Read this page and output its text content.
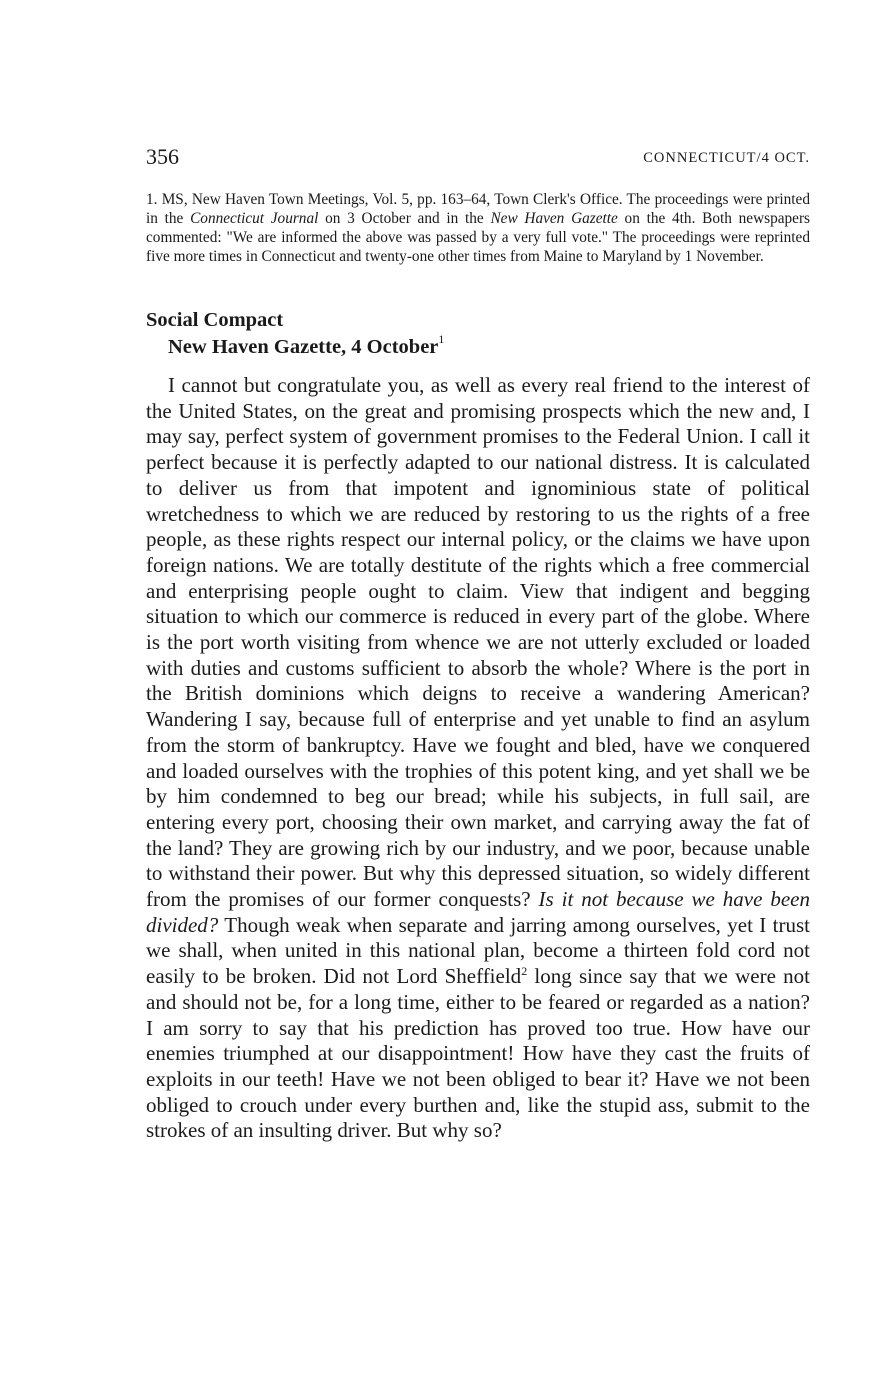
356	CONNECTICUT/4 OCT.
1. MS, New Haven Town Meetings, Vol. 5, pp. 163–64, Town Clerk's Office. The proceedings were printed in the Connecticut Journal on 3 October and in the New Haven Gazette on the 4th. Both newspapers commented: "We are informed the above was passed by a very full vote." The proceedings were reprinted five more times in Connecticut and twenty-one other times from Maine to Maryland by 1 November.
Social Compact
New Haven Gazette, 4 October$^1$

I cannot but congratulate you, as well as every real friend to the interest of the United States, on the great and promising prospects which the new and, I may say, perfect system of government promises to the Federal Union. I call it perfect because it is perfectly adapted to our national distress. It is calculated to deliver us from that impotent and ignominious state of political wretchedness to which we are reduced by restoring to us the rights of a free people, as these rights respect our internal policy, or the claims we have upon foreign nations. We are totally destitute of the rights which a free commercial and enterprising people ought to claim. View that indigent and begging situation to which our commerce is reduced in every part of the globe. Where is the port worth visiting from whence we are not utterly excluded or loaded with duties and customs sufficient to absorb the whole? Where is the port in the British dominions which deigns to receive a wandering American? Wandering I say, because full of enterprise and yet unable to find an asylum from the storm of bankruptcy. Have we fought and bled, have we conquered and loaded ourselves with the trophies of this potent king, and yet shall we be by him condemned to beg our bread; while his subjects, in full sail, are entering every port, choosing their own market, and carrying away the fat of the land? They are growing rich by our industry, and we poor, because unable to withstand their power. But why this depressed situation, so widely different from the promises of our former conquests? Is it not because we have been divided? Though weak when separate and jarring among ourselves, yet I trust we shall, when united in this national plan, become a thirteen fold cord not easily to be broken. Did not Lord Sheffield$^2$ long since say that we were not and should not be, for a long time, either to be feared or regarded as a nation? I am sorry to say that his prediction has proved too true. How have our enemies triumphed at our disappointment! How have they cast the fruits of exploits in our teeth! Have we not been obliged to bear it? Have we not been obliged to crouch under every burthen and, like the stupid ass, submit to the strokes of an insulting driver. But why so?
